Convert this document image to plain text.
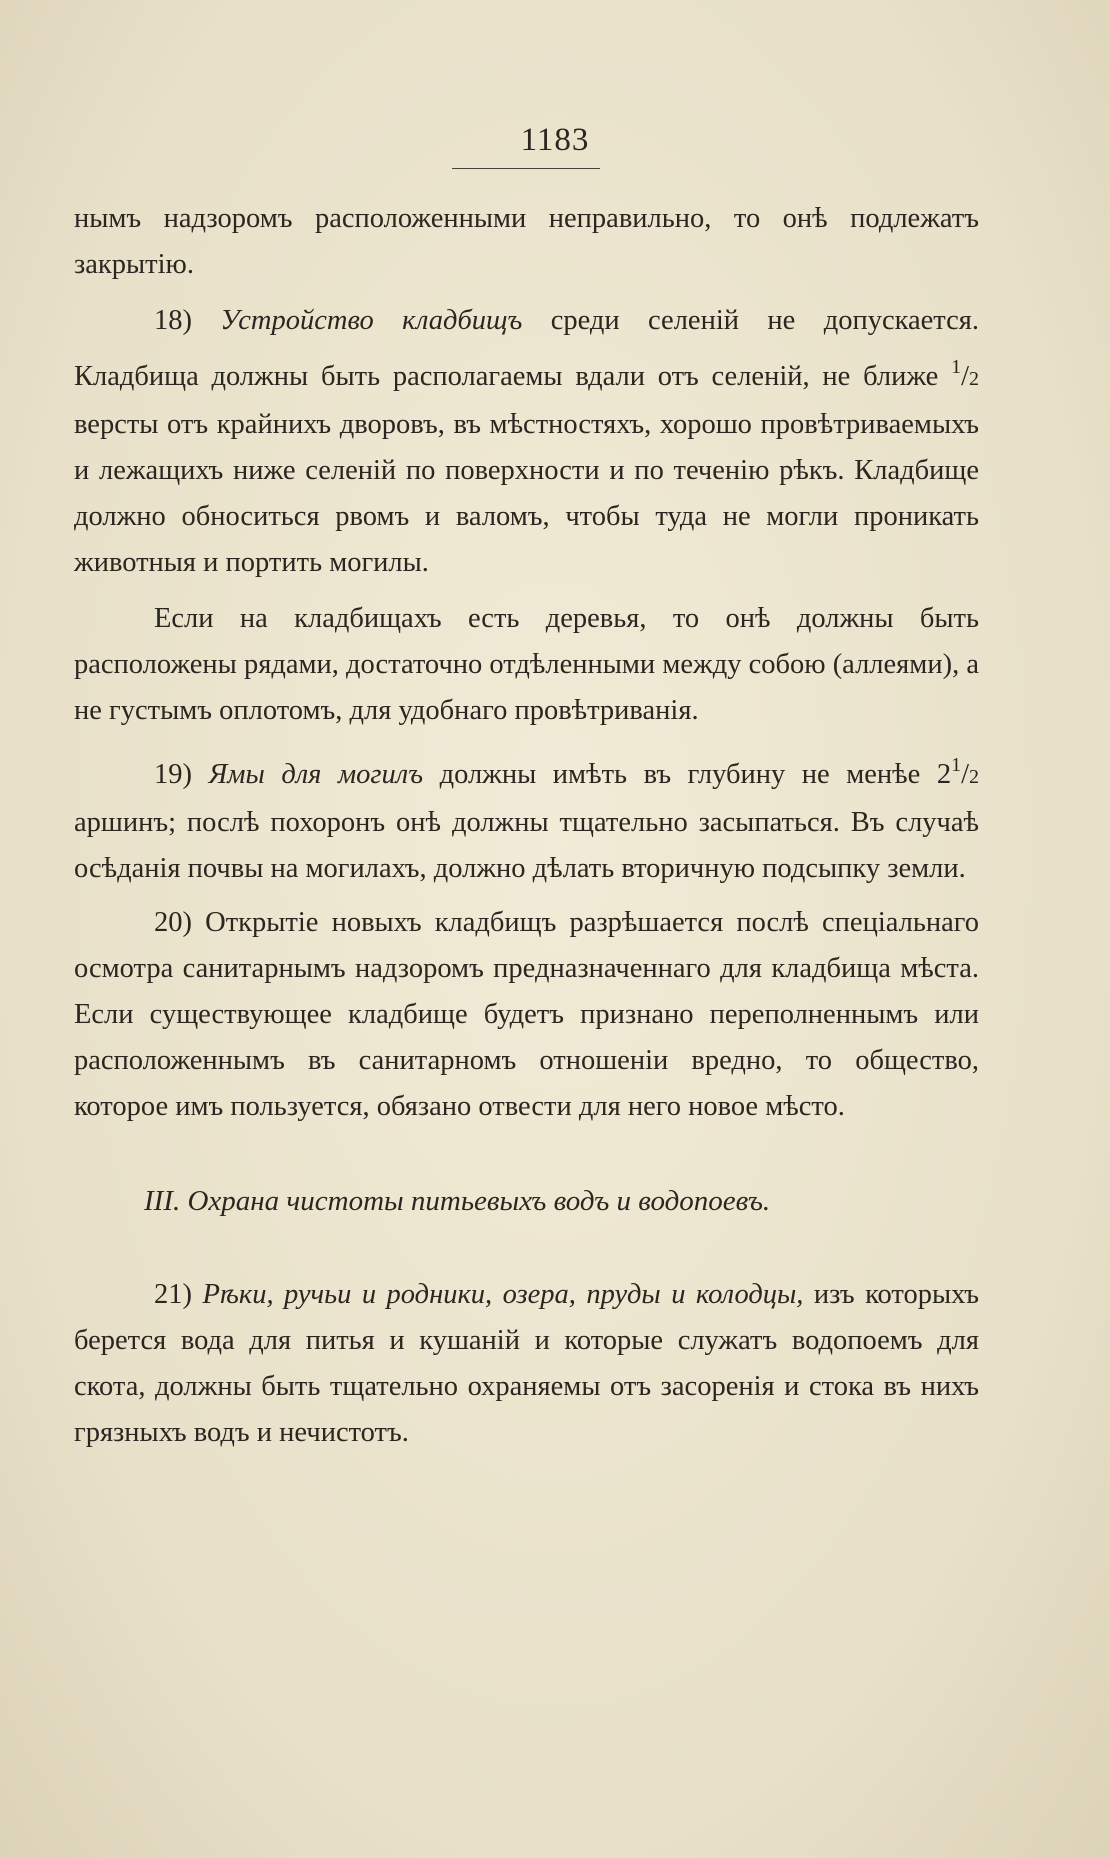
1183

нымъ надзоромъ расположенными неправильно, то онѣ подлежатъ закрытію.

18) Устройство кладбищъ среди селеній не допускается. Кладбища должны быть располагаемы вдали отъ селеній, не ближе $^1$/2 версты отъ крайнихъ дворовъ, въ мѣстностяхъ, хорошо провѣтриваемыхъ и лежащихъ ниже селеній по поверхности и по теченію рѣкъ. Кладбище должно обноситься рвомъ и валомъ, чтобы туда не могли проникать животныя и портить могилы.

Если на кладбищахъ есть деревья, то онѣ должны быть расположены рядами, достаточно отдѣленными между собою (аллеями), а не густымъ оплотомъ, для удобнаго провѣтриванія.

19) Ямы для могилъ должны имѣть въ глубину не менѣе $2^1/2$ аршинъ; послѣ похоронъ онѣ должны тщательно засыпаться. Въ случаѣ осѣданія почвы на могилахъ, должно дѣлать вторичную подсыпку земли.

20) Открытіе новыхъ кладбищъ разрѣшается послѣ спеціальнаго осмотра санитарнымъ надзоромъ предназначеннаго для кладбища мѣста. Если существующее кладбище будетъ признано переполненнымъ или расположеннымъ въ санитарномъ отношеніи вредно, то общество, которое имъ пользуется, обязано отвести для него новое мѣсто.

III. Охрана чистоты питьевыхъ водъ и водопоевъ.

21) Рѣки, ручьи и родники, озера, пруды и колодцы, изъ которыхъ берется вода для питья и кушаній и которые служатъ водопоемъ для скота, должны быть тщательно охраняемы отъ засоренія и стока въ нихъ грязныхъ водъ и нечистотъ.
